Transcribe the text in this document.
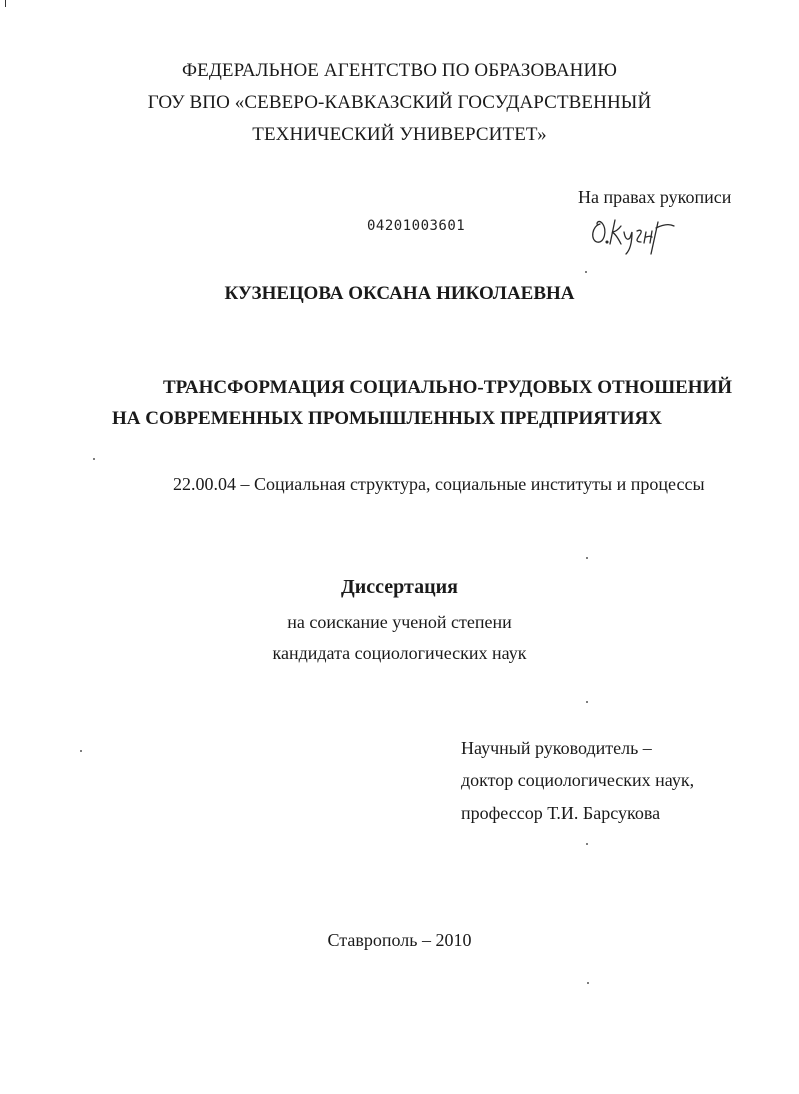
ФЕДЕРАЛЬНОЕ АГЕНТСТВО ПО ОБРАЗОВАНИЮ
ГОУ ВПО «СЕВЕРО-КАВКАЗСКИЙ ГОСУДАРСТВЕННЫЙ
ТЕХНИЧЕСКИЙ УНИВЕРСИТЕТ»
На правах рукописи
04201003601
О. Кузн
КУЗНЕЦОВА ОКСАНА НИКОЛАЕВНА
ТРАНСФОРМАЦИЯ СОЦИАЛЬНО-ТРУДОВЫХ ОТНОШЕНИЙ
НА СОВРЕМЕННЫХ ПРОМЫШЛЕННЫХ ПРЕДПРИЯТИЯХ
22.00.04 – Социальная структура, социальные институты и процессы
Диссертация
на соискание ученой степени
кандидата социологических наук
Научный руководитель –
доктор социологических наук,
профессор Т.И. Барсукова
Ставрополь – 2010
